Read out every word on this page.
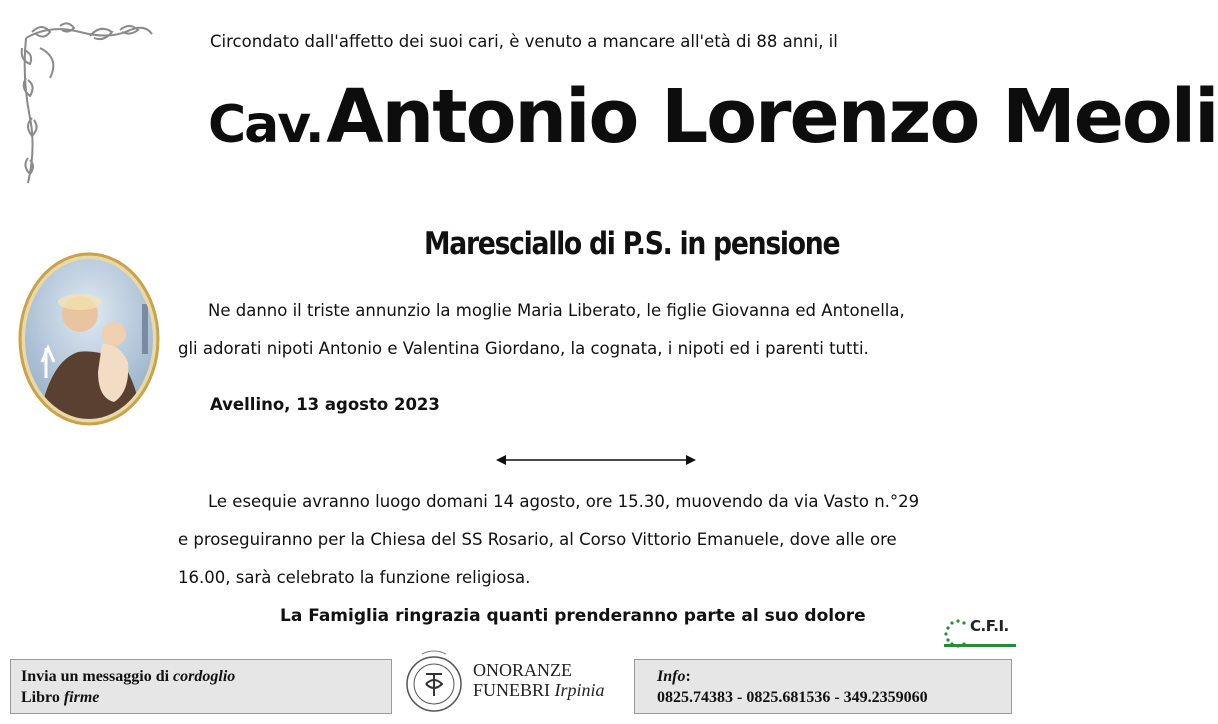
Circondato dall'affetto dei suoi cari, è venuto a mancare all'età di 88 anni, il
Cav. Antonio Lorenzo Meoli
Maresciallo di P.S. in pensione
Ne danno il triste annunzio la moglie Maria Liberato, le figlie Giovanna ed Antonella,
gli adorati nipoti Antonio e Valentina Giordano, la cognata, i nipoti ed i parenti tutti.
Avellino, 13 agosto 2023
Le esequie avranno luogo domani 14 agosto, ore 15.30, muovendo da via Vasto n.°29
e proseguiranno per la Chiesa del SS Rosario, al Corso Vittorio Emanuele, dove alle ore
16.00, sarà celebrato la funzione religiosa.
La Famiglia ringrazia quanti prenderanno parte al suo dolore	C.F.I.
Invia un messaggio di cordoglio
Libro firme
ONORANZE
FUNEBRI Irpinia
Info:
0825.74383 - 0825.681536 - 349.2359060
